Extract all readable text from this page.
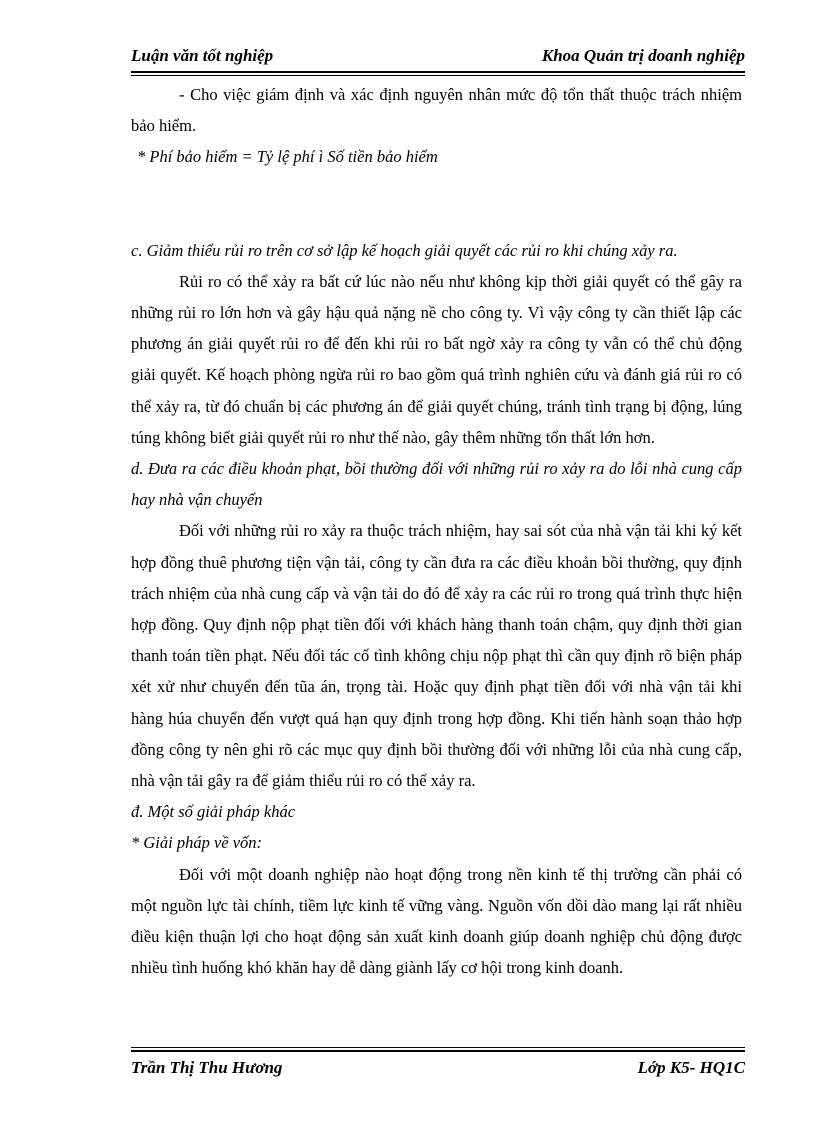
Luận văn tốt nghiệp	Khoa Quản trị doanh nghiệp

- Cho việc giám định và xác định nguyên nhân mức độ tổn thất thuộc trách nhiệm bảo hiểm.

* Phí bảo hiểm = Tỷ lệ phí ì Số tiền bảo hiểm

c. Giảm thiểu rủi ro trên cơ sở lập kế hoạch giải quyết các rủi ro khi chúng xảy ra.

Rủi ro có thể xảy ra bất cứ lúc nào nếu như không kịp thời giải quyết có thể gây ra những rủi ro lớn hơn và gây hậu quả nặng nề cho công ty. Vì vậy công ty cần thiết lập các phương án giải quyết rủi ro để đến khi rủi ro bất ngờ xảy ra công ty vẫn có thể chủ động giải quyết. Kế hoạch phòng ngừa rủi ro bao gồm quá trình nghiên cứu và đánh giá rủi ro có thể xảy ra, từ đó chuẩn bị các phương án để giải quyết chúng, tránh tình trạng bị động, lúng túng không biết giải quyết rủi ro như thế nào, gây thêm những tổn thất lớn hơn.

d. Đưa ra các điều khoản phạt, bồi thường đối với những rủi ro xảy ra do lỗi nhà cung cấp hay nhà vận chuyển

Đối với những rủi ro xảy ra thuộc trách nhiệm, hay sai sót của nhà vận tải khi ký kết hợp đồng thuê phương tiện vận tải, công ty cần đưa ra các điều khoản bồi thường, quy định trách nhiệm của nhà cung cấp và vận tải do đó để xảy ra các rủi ro trong quá trình thực hiện hợp đồng. Quy định nộp phạt tiền đối với khách hàng thanh toán chậm, quy định thời gian thanh toán tiền phạt. Nếu đối tác cố tình không chịu nộp phạt thì cần quy định rõ biện pháp xét xử như chuyển đến tũa án, trọng tài. Hoặc quy định phạt tiền đối với nhà vận tải khi hàng húa chuyển đến vượt quá hạn quy định trong hợp đồng. Khi tiến hành soạn thảo hợp đồng công ty nên ghi rõ các mục quy định bồi thường đối với những lỗi của nhà cung cấp, nhà vận tải gây ra để giảm thiểu rủi ro có thể xảy ra.

đ. Một số giải pháp khác

* Giải pháp về vốn:

Đối với một doanh nghiệp nào hoạt động trong nền kinh tế thị trường cần phải có một nguồn lực tài chính, tiềm lực kinh tế vững vàng. Nguồn vốn dồi dào mang lại rất nhiều điều kiện thuận lợi cho hoạt động sản xuất kinh doanh giúp doanh nghiệp chủ động được nhiều tình huống khó khăn hay dễ dàng giành lấy cơ hội trong kinh doanh.

Trần Thị Thu Hương	Lớp K5- HQ1C
